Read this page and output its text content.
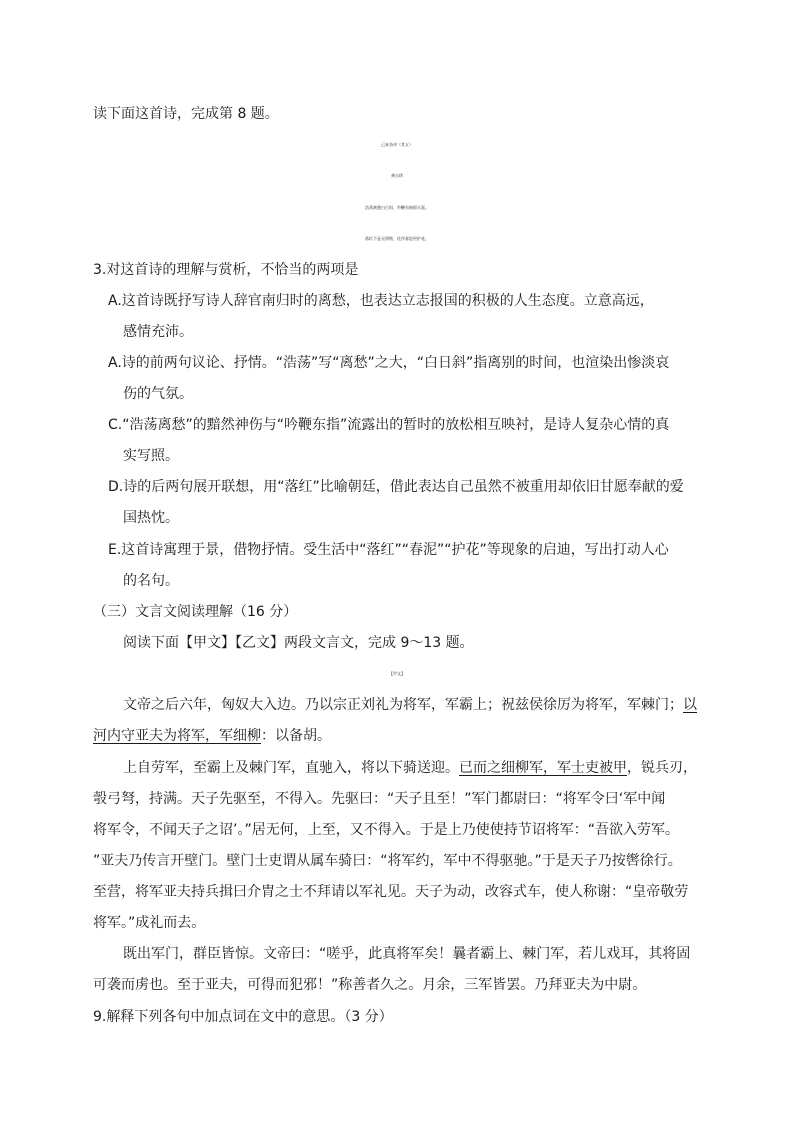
读下面这首诗，完成第 8 题。
己亥杂诗（其五）
龚自珍
浩荡离愁白日斜，吟鞭东指即天涯。
落红不是无情物，化作春泥更护花。
3.对这首诗的理解与赏析，不恰当的两项是
A.这首诗既抒写诗人辞官南归时的离愁，也表达立志报国的积极的人生态度。立意高远，
感情充沛。
A.诗的前两句议论、抒情。“浩荡”写“离愁”之大，“白日斜”指离别的时间，也渲染出惨淡哀
伤的气氛。
C.“浩荡离愁”的黯然神伤与“吟鞭东指”流露出的暂时的放松相互映衬，是诗人复杂心情的真
实写照。
D.诗的后两句展开联想，用“落红”比喻朝廷，借此表达自己虽然不被重用却依旧甘愿奉献的爱
国热忱。
E.这首诗寓理于景，借物抒情。受生活中“落红”“春泥”“护花”等现象的启迪，写出打动人心
的名句。
（三）文言文阅读理解（16 分）
阅读下面【甲文】【乙文】两段文言文，完成 9～13 题。
【甲文】
文帝之后六年，匈奴大入边。乃以宗正刘礼为将军，军霸上；祝兹侯徐厉为将军，军棘门；以
河内守亚夫为将军，军细柳：以备胡。
上自劳军，至霸上及棘门军，直驰入，将以下骑送迎。已而之细柳军，军士吏被甲，锐兵刃，
彀弓弩，持满。天子先驱至，不得入。先驱曰：“天子且至！”军门都尉曰：“将军令曰‘军中闻
将军令，不闻天子之诏’。”居无何，上至，又不得入。于是上乃使使持节诏将军：“吾欲入劳军。
”亚夫乃传言开壁门。壁门士吏谓从属车骑曰：“将军约，军中不得驱驰。”于是天子乃按辔徐行。
至营，将军亚夫持兵揖曰介胄之士不拜请以军礼见。天子为动，改容式车，使人称谢：“皇帝敬劳
将军。”成礼而去。
既出军门，群臣皆惊。文帝曰：“嗟乎，此真将军矣！曩者霸上、棘门军，若儿戏耳，其将固
可袭而虏也。至于亚夫，可得而犯邪！”称善者久之。月余，三军皆罢。乃拜亚夫为中尉。
9.解释下列各句中加点词在文中的意思。（3 分）
